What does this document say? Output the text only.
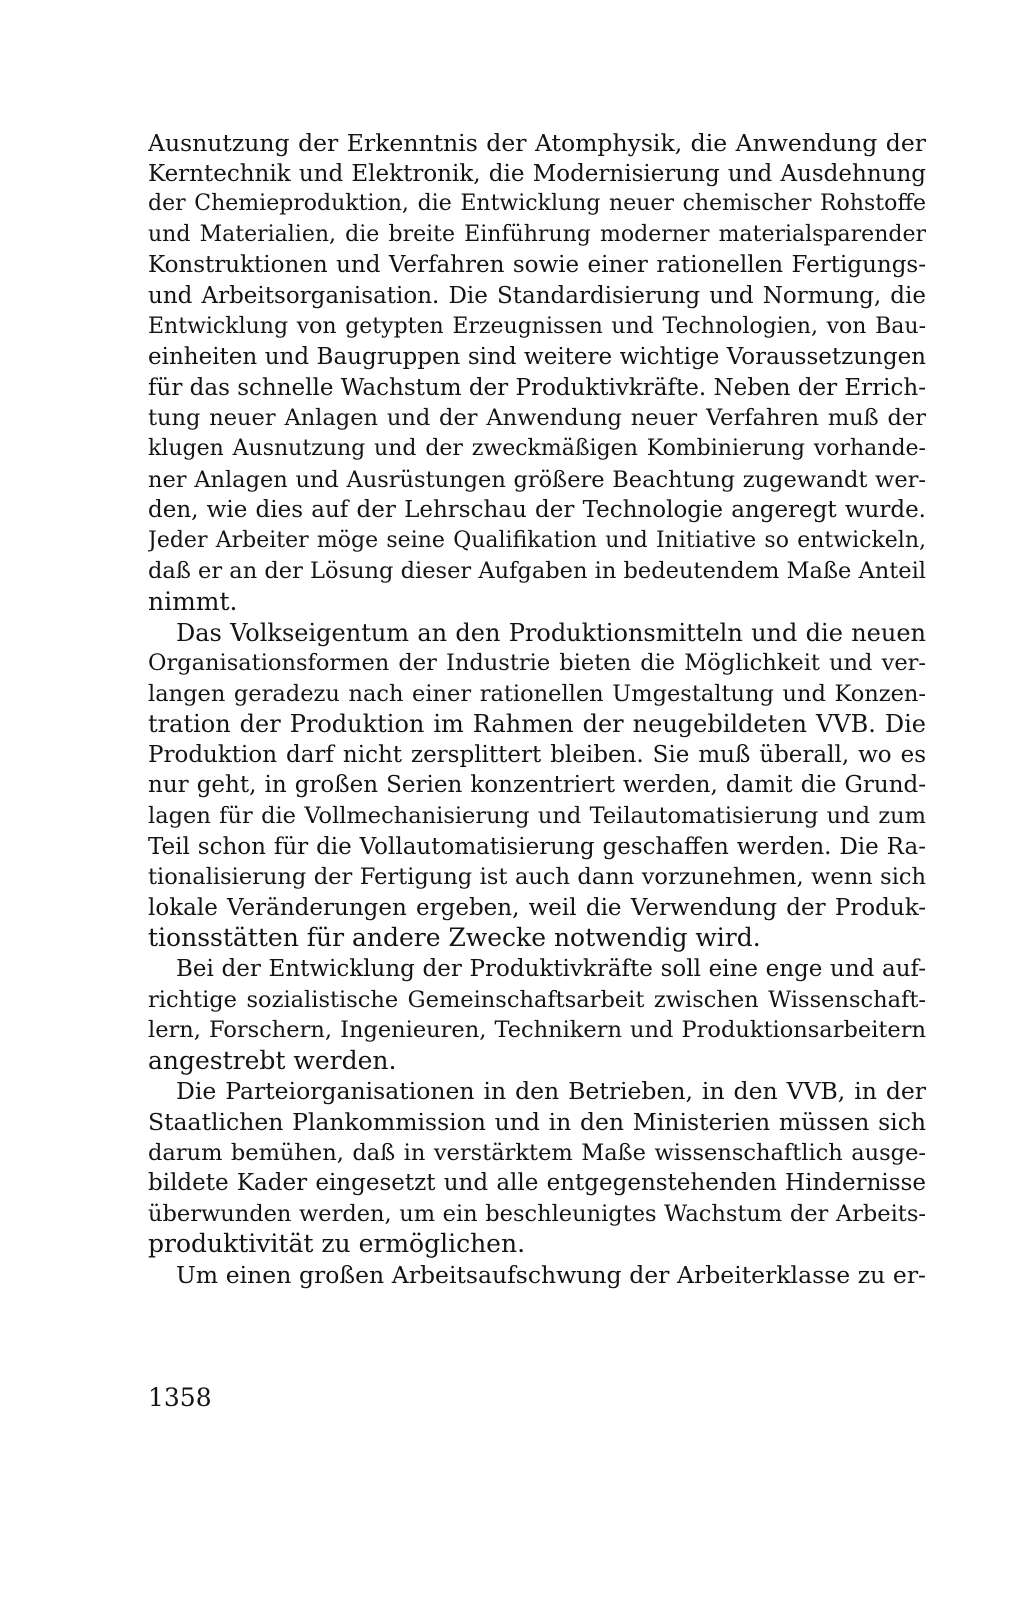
Ausnutzung der Erkenntnis der Atomphysik, die Anwendung der
Kerntechnik und Elektronik, die Modernisierung und Ausdehnung
der Chemieproduktion, die Entwicklung neuer chemischer Rohstoffe
und Materialien, die breite Einführung moderner materialsparender
Konstruktionen und Verfahren sowie einer rationellen Fertigungs-
und Arbeitsorganisation. Die Standardisierung und Normung, die
Entwicklung von getypten Erzeugnissen und Technologien, von Bau-
einheiten und Baugruppen sind weitere wichtige Voraussetzungen
für das schnelle Wachstum der Produktivkräfte. Neben der Errich-
tung neuer Anlagen und der Anwendung neuer Verfahren muß der
klugen Ausnutzung und der zweckmäßigen Kombinierung vorhande-
ner Anlagen und Ausrüstungen größere Beachtung zugewandt wer-
den, wie dies auf der Lehrschau der Technologie angeregt wurde.
Jeder Arbeiter möge seine Qualifikation und Initiative so entwickeln,
daß er an der Lösung dieser Aufgaben in bedeutendem Maße Anteil
nimmt.
Das Volkseigentum an den Produktionsmitteln und die neuen
Organisationsformen der Industrie bieten die Möglichkeit und ver-
langen geradezu nach einer rationellen Umgestaltung und Konzen-
tration der Produktion im Rahmen der neugebildeten VVB. Die
Produktion darf nicht zersplittert bleiben. Sie muß überall, wo es
nur geht, in großen Serien konzentriert werden, damit die Grund-
lagen für die Vollmechanisierung und Teilautomatisierung und zum
Teil schon für die Vollautomatisierung geschaffen werden. Die Ra-
tionalisierung der Fertigung ist auch dann vorzunehmen, wenn sich
lokale Veränderungen ergeben, weil die Verwendung der Produk-
tionsstätten für andere Zwecke notwendig wird.
Bei der Entwicklung der Produktivkräfte soll eine enge und auf-
richtige sozialistische Gemeinschaftsarbeit zwischen Wissenschaft-
lern, Forschern, Ingenieuren, Technikern und Produktionsarbeitern
angestrebt werden.
Die Parteiorganisationen in den Betrieben, in den VVB, in der
Staatlichen Plankommission und in den Ministerien müssen sich
darum bemühen, daß in verstärktem Maße wissenschaftlich ausge-
bildete Kader eingesetzt und alle entgegenstehenden Hindernisse
überwunden werden, um ein beschleunigtes Wachstum der Arbeits-
produktivität zu ermöglichen.
Um einen großen Arbeitsaufschwung der Arbeiterklasse zu er-
1358
